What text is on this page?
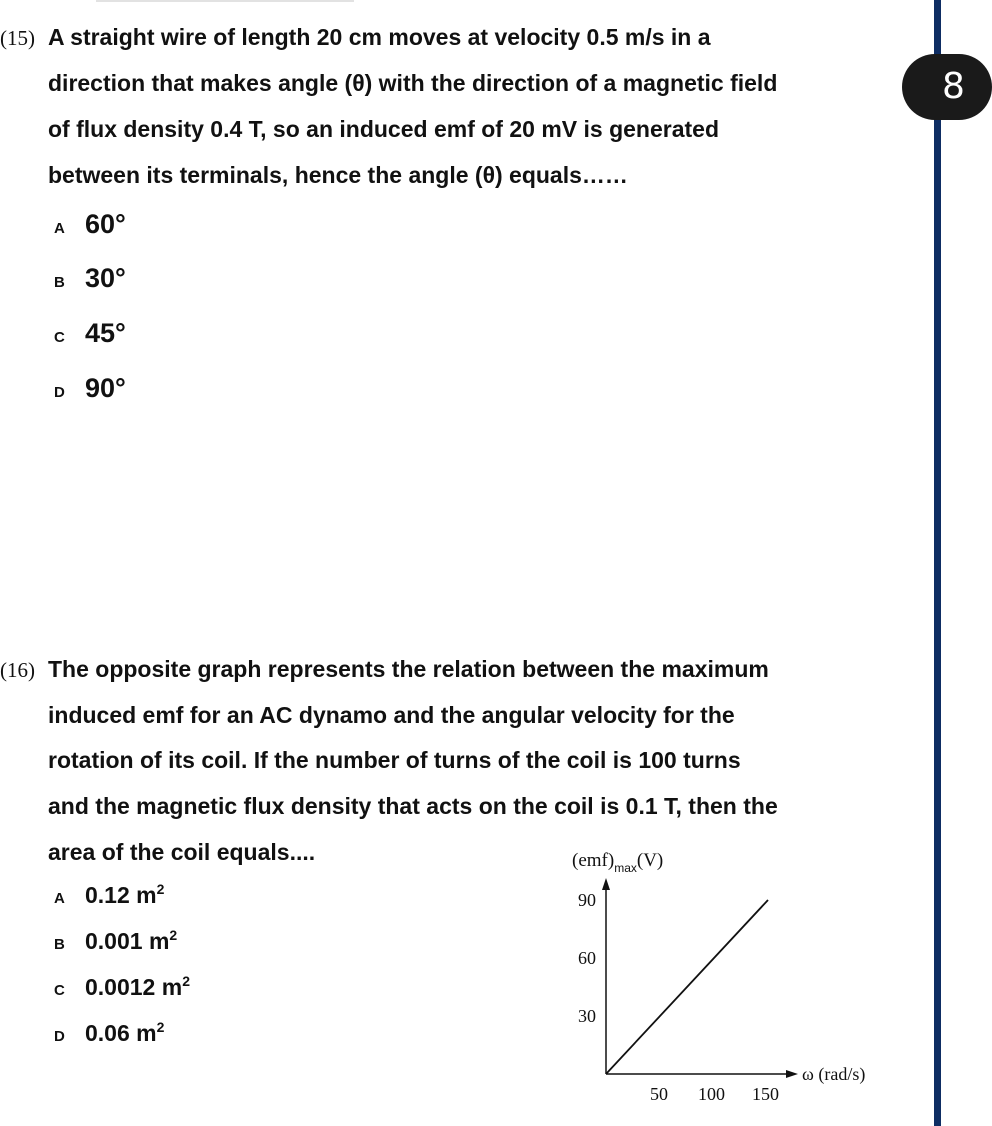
8
(15) A straight wire of length 20 cm moves at velocity 0.5 m/s in a
direction that makes angle (θ) with the direction of a magnetic field
of flux density 0.4 T, so an induced emf of 20 mV is generated
between its terminals, hence the angle (θ) equals……
A 60°
B 30°
C 45°
D 90°
(16) The opposite graph represents the relation between the maximum
induced emf for an AC dynamo and the angular velocity for the
rotation of its coil. If the number of turns of the coil is 100 turns
and the magnetic flux density that acts on the coil is 0.1 T, then the
area of the coil equals....
A 0.12 $m^2$
B 0.001 $m^2$
C 0.0012 $m^2$
D 0.06 $m^2$
$(emf)_{max}(V)$
ω (rad/s)
30
60
90
50 100 150
